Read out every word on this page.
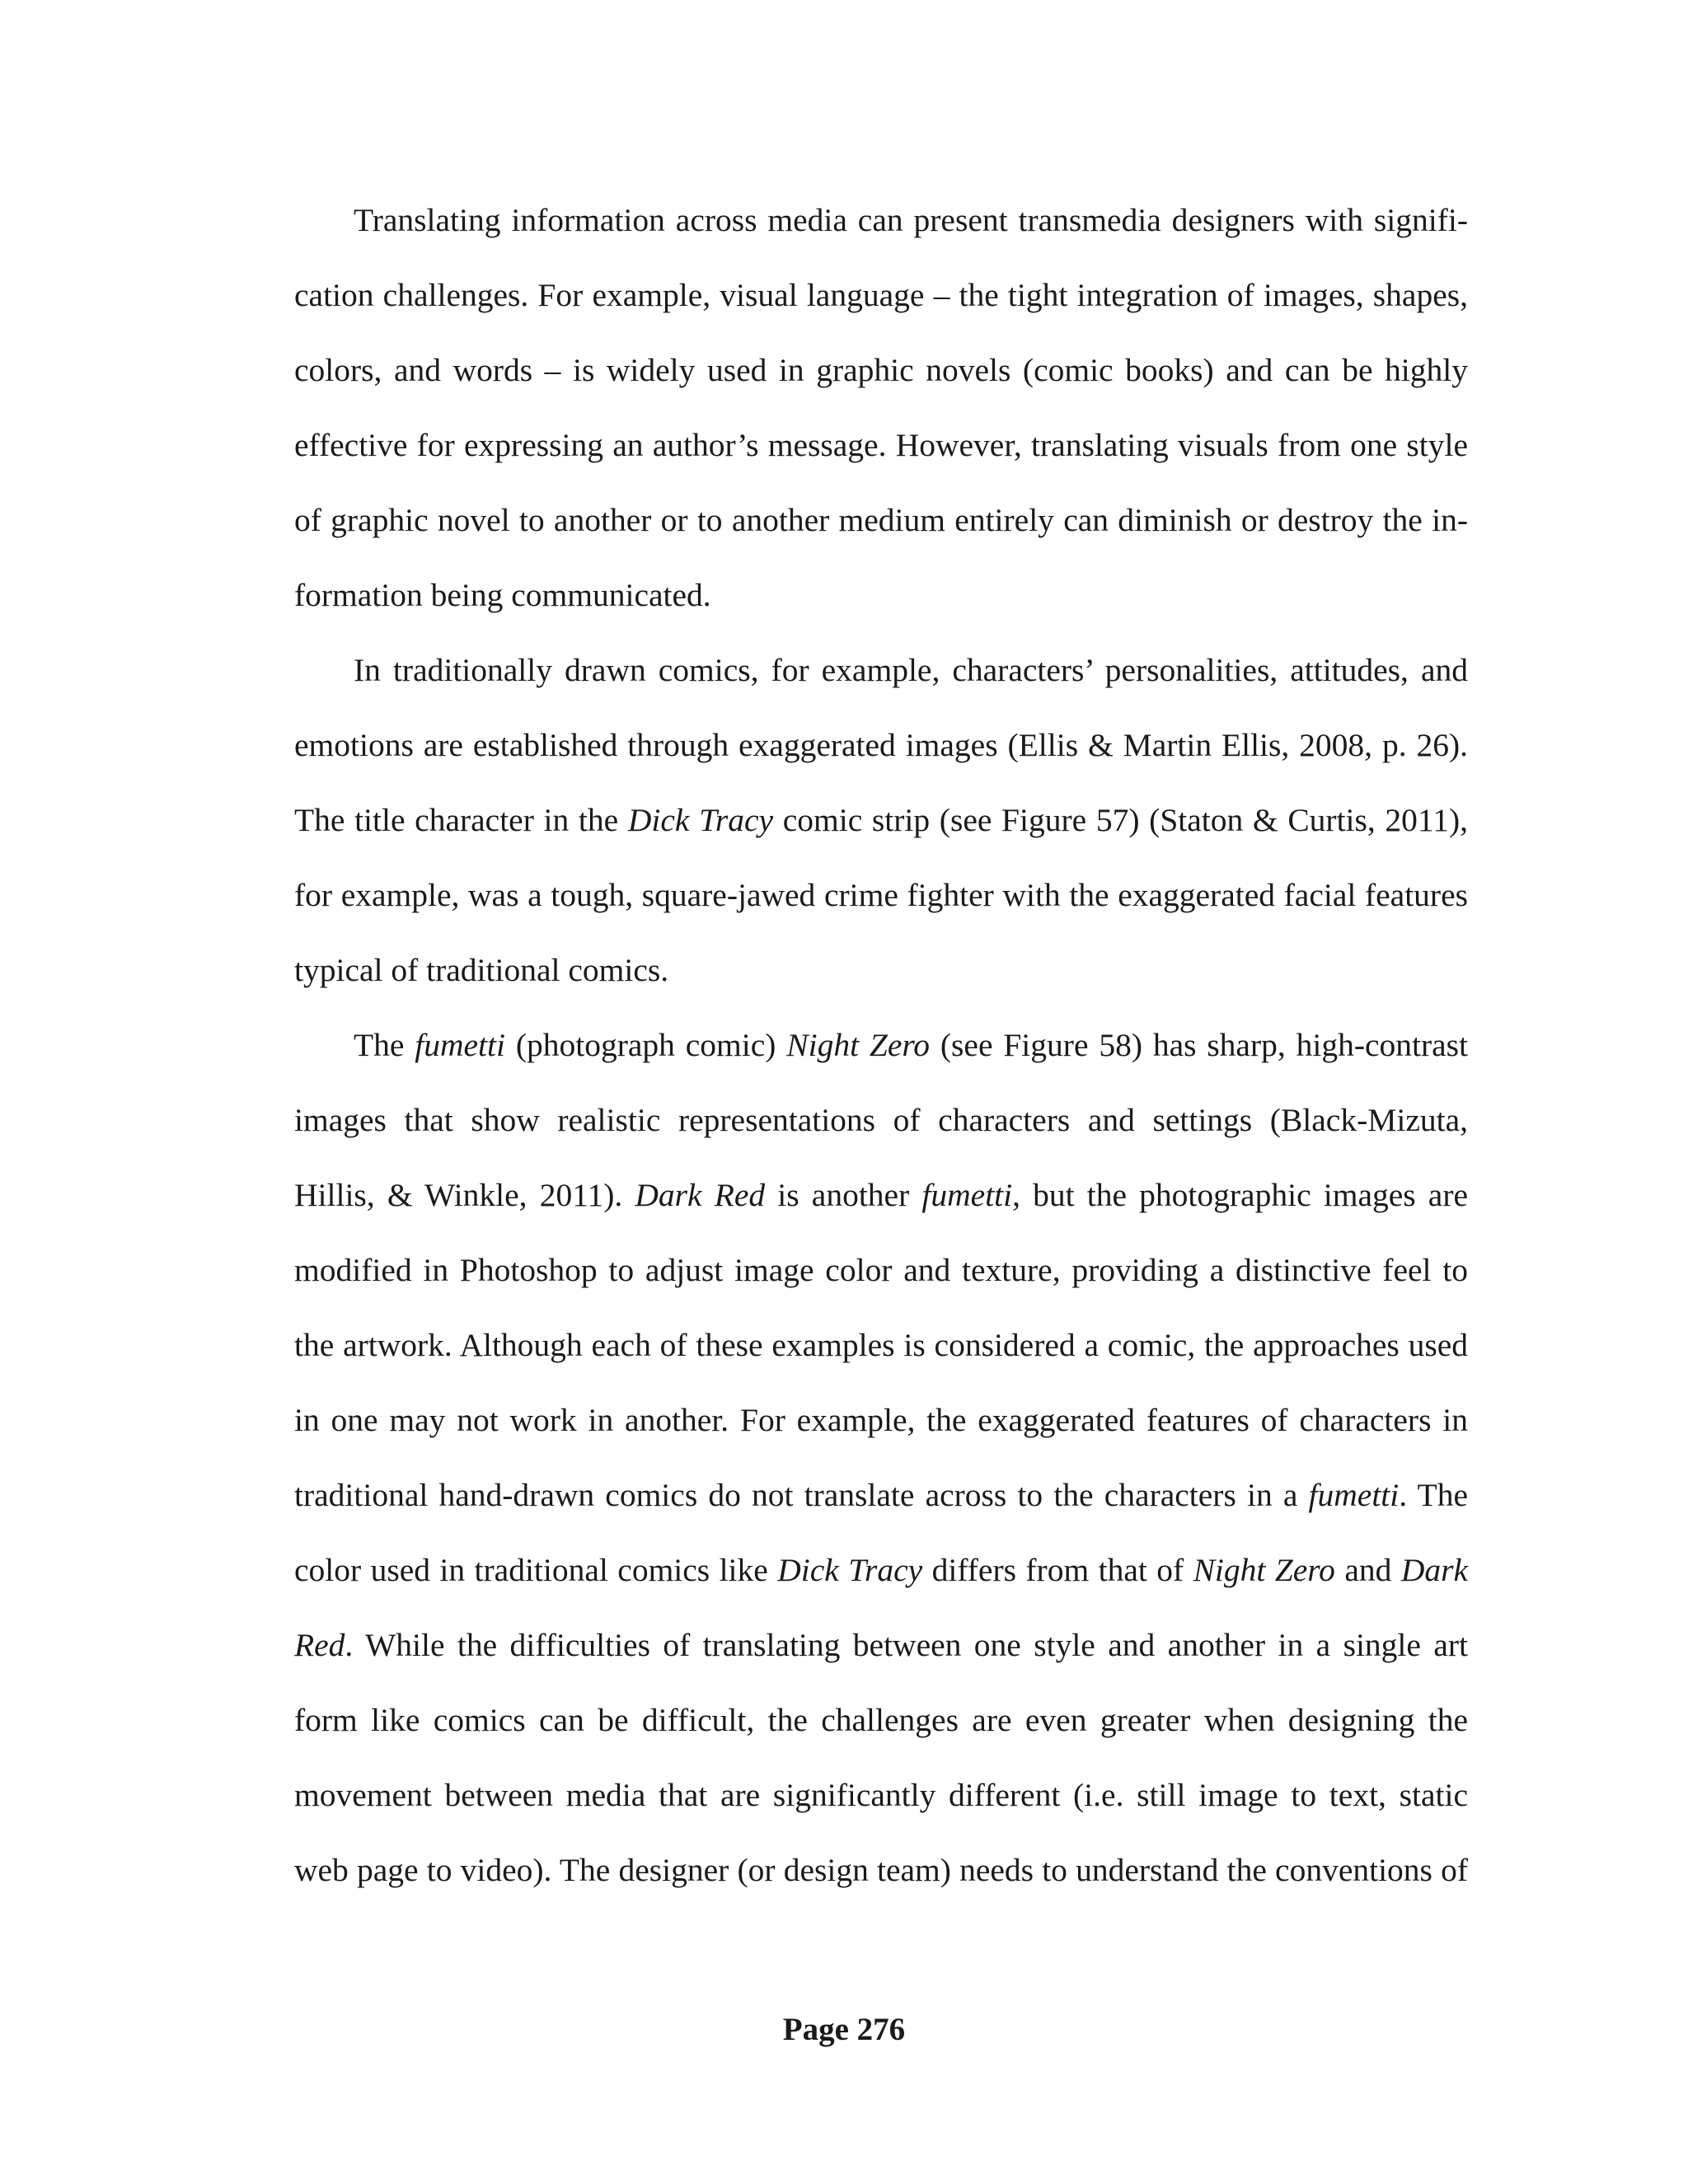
Translating information across media can present transmedia designers with signifi-
cation challenges. For example, visual language – the tight integration of images, shapes,
colors, and words – is widely used in graphic novels (comic books) and can be highly
effective for expressing an author’s message. However, translating visuals from one style
of graphic novel to another or to another medium entirely can diminish or destroy the in-
formation being communicated.
In traditionally drawn comics, for example, characters’ personalities, attitudes, and
emotions are established through exaggerated images (Ellis & Martin Ellis, 2008, p. 26).
The title character in the Dick Tracy comic strip (see Figure 57) (Staton & Curtis, 2011),
for example, was a tough, square-jawed crime fighter with the exaggerated facial features
typical of traditional comics.
The fumetti (photograph comic) Night Zero (see Figure 58) has sharp, high-contrast
images that show realistic representations of characters and settings (Black-Mizuta,
Hillis, & Winkle, 2011). Dark Red is another fumetti, but the photographic images are
modified in Photoshop to adjust image color and texture, providing a distinctive feel to
the artwork. Although each of these examples is considered a comic, the approaches used
in one may not work in another. For example, the exaggerated features of characters in
traditional hand-drawn comics do not translate across to the characters in a fumetti. The
color used in traditional comics like Dick Tracy differs from that of Night Zero and Dark
Red. While the difficulties of translating between one style and another in a single art
form like comics can be difficult, the challenges are even greater when designing the
movement between media that are significantly different (i.e. still image to text, static
web page to video). The designer (or design team) needs to understand the conventions of
Page 276
